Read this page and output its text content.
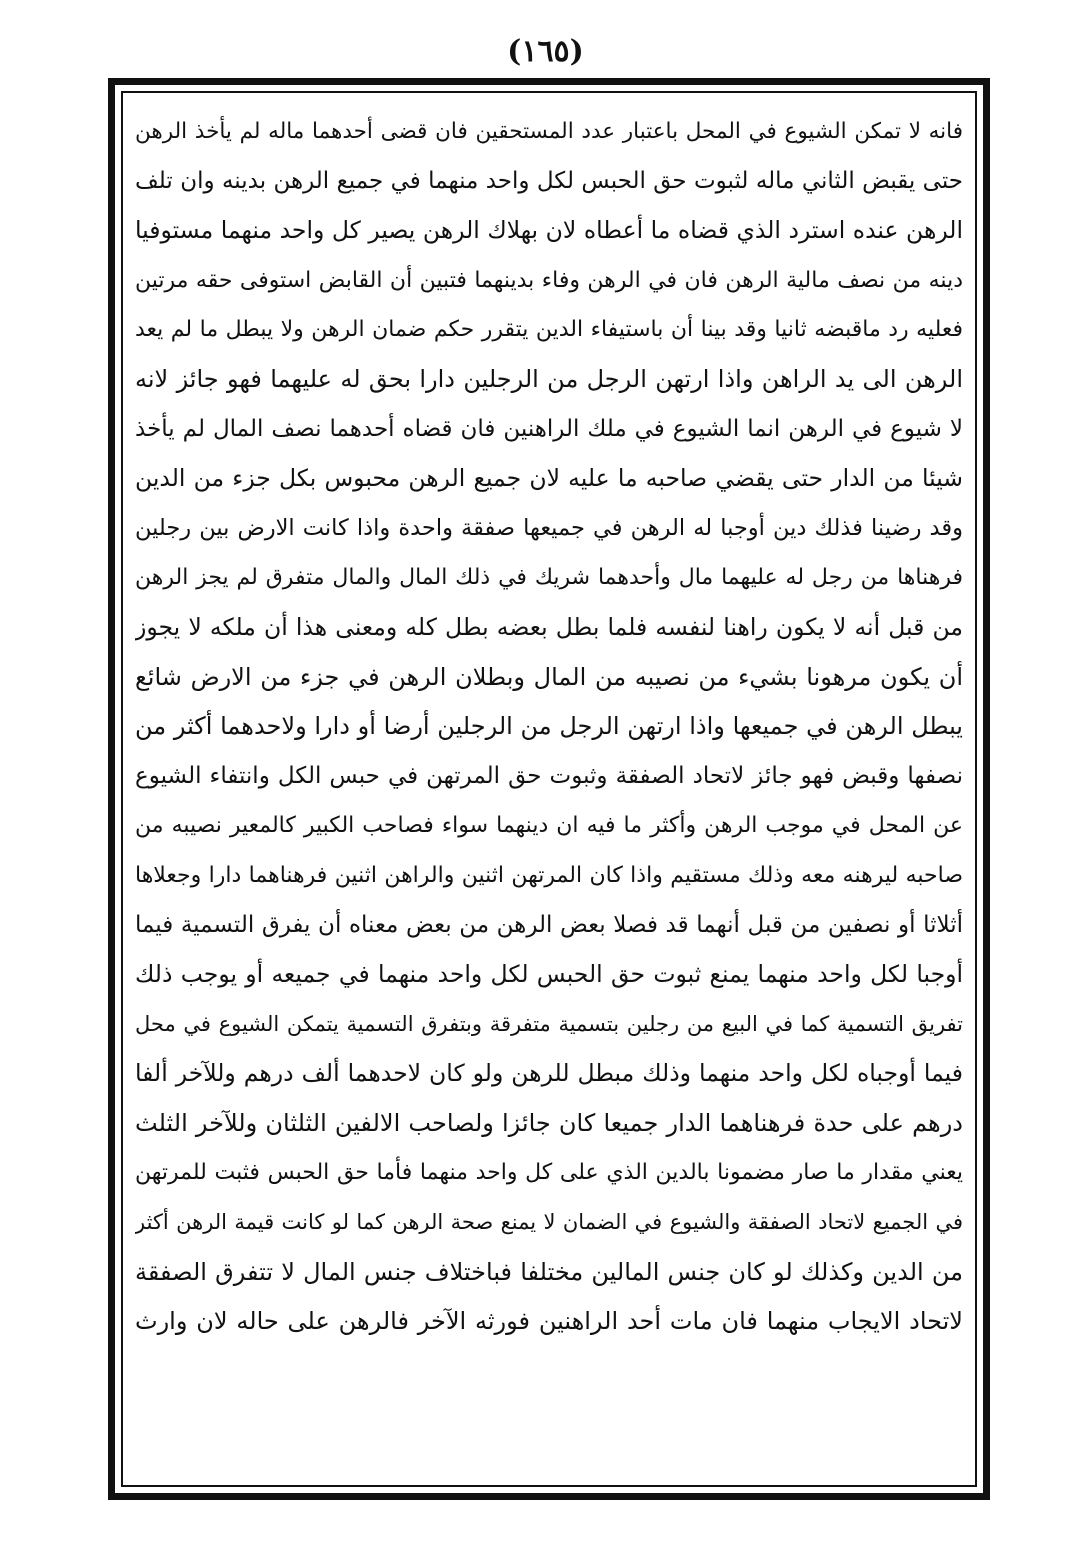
(١٦٥)
فانه لا تمكن الشيوع في المحل باعتبار عدد المستحقين فان قضى أحدهما ماله لم يأخذ الرهن
حتى يقبض الثاني ماله لثبوت حق الحبس لكل واحد منهما في جميع الرهن بدينه وان تلف
الرهن عنده استرد الذي قضاه ما أعطاه لان بهلاك الرهن يصير كل واحد منهما مستوفيا
دينه من نصف مالية الرهن فان في الرهن وفاء بدينهما فتبين أن القابض استوفى حقه مرتين
فعليه رد ماقبضه ثانيا وقد بينا أن باستيفاء الدين يتقرر حكم ضمان الرهن ولا يبطل ما لم يعد
الرهن الى يد الراهن واذا ارتهن الرجل من الرجلين دارا بحق له عليهما فهو جائز لانه
لا شيوع في الرهن انما الشيوع في ملك الراهنين فان قضاه أحدهما نصف المال لم يأخذ
شيئا من الدار حتى يقضي صاحبه ما عليه لان جميع الرهن محبوس بكل جزء من الدين
وقد رضينا فذلك دين أوجبا له الرهن في جميعها صفقة واحدة واذا كانت الارض بين رجلين
فرهناها من رجل له عليهما مال وأحدهما شريك في ذلك المال والمال متفرق لم يجز الرهن
من قبل أنه لا يكون راهنا لنفسه فلما بطل بعضه بطل كله ومعنى هذا أن ملكه لا يجوز
أن يكون مرهونا بشيء من نصيبه من المال وبطلان الرهن في جزء من الارض شائع
يبطل الرهن في جميعها واذا ارتهن الرجل من الرجلين أرضا أو دارا ولاحدهما أكثر من
نصفها وقبض فهو جائز لاتحاد الصفقة وثبوت حق المرتهن في حبس الكل وانتفاء الشيوع
عن المحل في موجب الرهن وأكثر ما فيه ان دينهما سواء فصاحب الكبير كالمعير نصيبه من
صاحبه ليرهنه معه وذلك مستقيم واذا كان المرتهن اثنين والراهن اثنين فرهناهما دارا وجعلاها
أثلاثا أو نصفين من قبل أنهما قد فصلا بعض الرهن من بعض معناه أن يفرق التسمية فيما
أوجبا لكل واحد منهما يمنع ثبوت حق الحبس لكل واحد منهما في جميعه أو يوجب ذلك
تفريق التسمية كما في البيع من رجلين بتسمية متفرقة وبتفرق التسمية يتمكن الشيوع في محل
فيما أوجباه لكل واحد منهما وذلك مبطل للرهن ولو كان لاحدهما ألف درهم وللآخر ألفا
درهم على حدة فرهناهما الدار جميعا كان جائزا ولصاحب الالفين الثلثان وللآخر الثلث
يعني مقدار ما صار مضمونا بالدين الذي على كل واحد منهما فأما حق الحبس فثبت للمرتهن
في الجميع لاتحاد الصفقة والشيوع في الضمان لا يمنع صحة الرهن كما لو كانت قيمة الرهن أكثر
من الدين وكذلك لو كان جنس المالين مختلفا فباختلاف جنس المال لا تتفرق الصفقة
لاتحاد الايجاب منهما فان مات أحد الراهنين فورثه الآخر فالرهن على حاله لان وارث
